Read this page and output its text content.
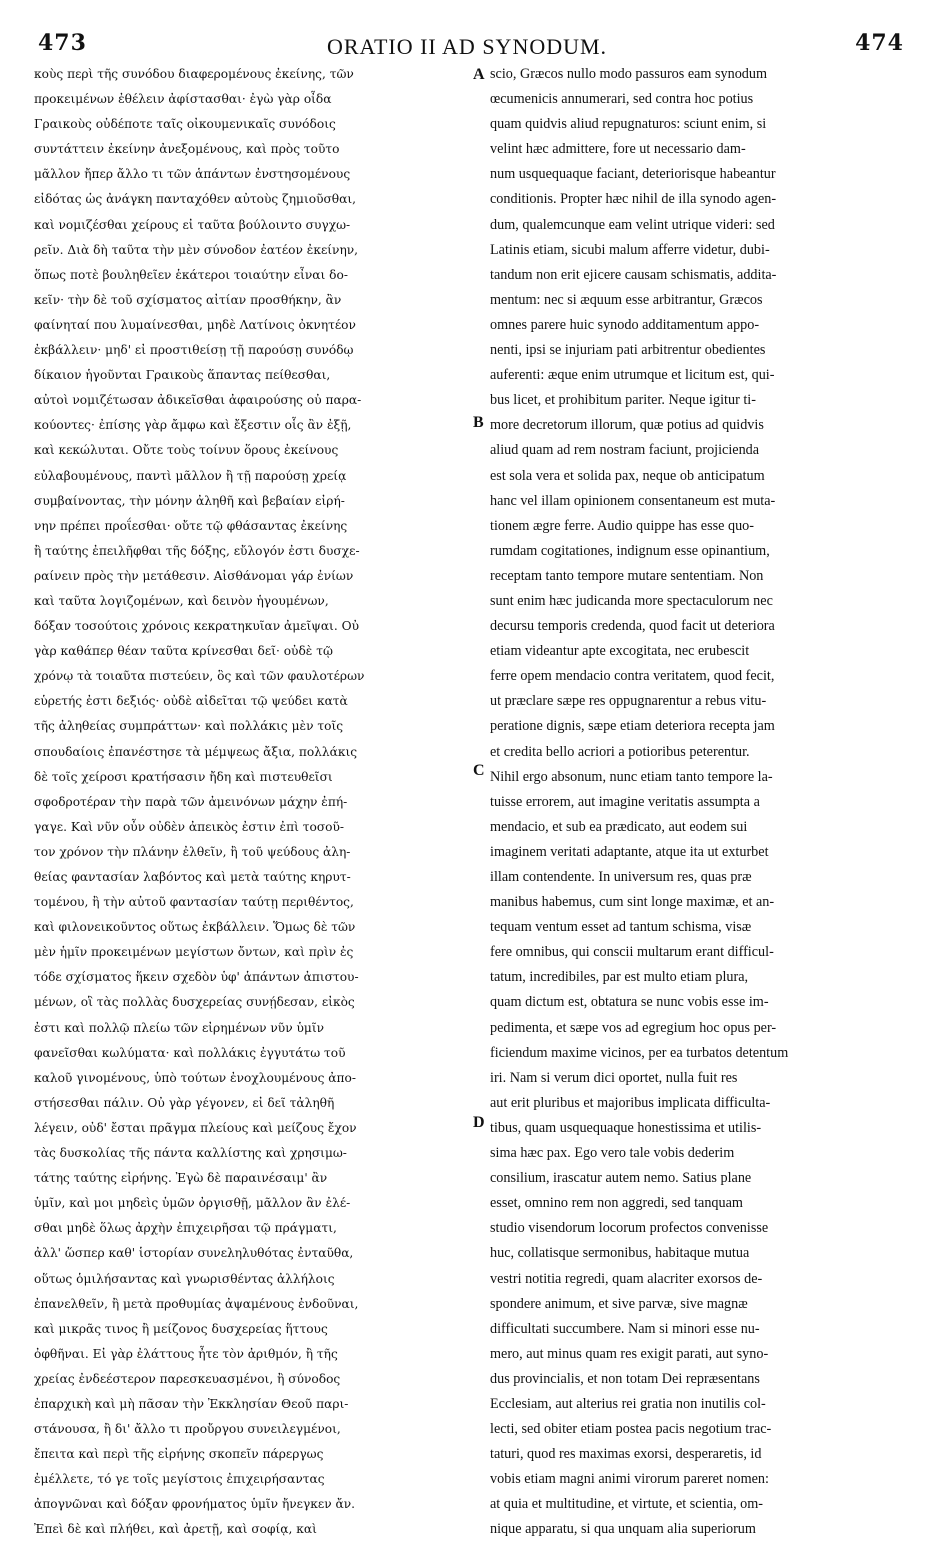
473	ORATIO II AD SYNODUM.	474
κοὺς περὶ τῆς συνόδου διαφερομένους ἐκείνης, τῶν
προκειμένων ἐθέλειν ἀφίστασθαι· ἐγὼ γὰρ οἶδα
Γραικοὺς οὐδέποτε ταῖς οἰκουμενικαῖς συνόδοις
συντάττειν ἐκείνην ἀνεξομένους, καὶ πρὸς τοῦτο
μᾶλλον ἤπερ ἄλλο τι τῶν ἁπάντων ἐνστησομένους
εἰδότας ὡς ἀνάγκη πανταχόθεν αὐτοὺς ζημιοῦσθαι,
καὶ νομιζέσθαι χείρους εἰ ταῦτα βούλοιντο συγχω-
ρεῖν. Διὰ δὴ ταῦτα τὴν μὲν σύνοδον ἐατέον ἐκείνην,
ὅπως ποτὲ βουληθεῖεν ἑκάτεροι τοιαύτην εἶναι δο-
κεῖν· τὴν δὲ τοῦ σχίσματος αἰτίαν προσθήκην, ἂν
φαίνηταί που λυμαίνεσθαι, μηδὲ Λατίνοις ὀκνητέον
ἐκβάλλειν· μηδ' εἰ προστιθείσῃ τῇ παρούσῃ συνόδῳ
δίκαιον ἡγοῦνται Γραικοὺς ἅπαντας πείθεσθαι,
αὐτοὶ νομιζέτωσαν ἀδικεῖσθαι ἀφαιρούσης οὐ παρα-
κούοντες· ἐπίσης γὰρ ἄμφω καὶ ἔξεστιν οἷς ἂν ἐξῇ,
καὶ κεκώλυται. Οὔτε τοὺς τοίνυν ὅρους ἐκείνους
εὐλαβουμένους, παντὶ μᾶλλον ἢ τῇ παρούσῃ χρείᾳ
συμβαίνοντας, τὴν μόνην ἀληθῆ καὶ βεβαίαν εἰρή-
νην πρέπει προΐεσθαι· οὔτε τῷ φθάσαντας ἐκείνης
ἢ ταύτης ἐπειλῆφθαι τῆς δόξης, εὔλογόν ἐστι δυσχε-
ραίνειν πρὸς τὴν μετάθεσιν. Αἰσθάνομαι γάρ ἐνίων
καὶ ταῦτα λογιζομένων, καὶ δεινὸν ἡγουμένων,
δόξαν τοσούτοις χρόνοις κεκρατηκυῖαν ἀμεῖψαι. Οὐ
γὰρ καθάπερ θέαν ταῦτα κρίνεσθαι δεῖ· οὐδὲ τῷ
χρόνῳ τὰ τοιαῦτα πιστεύειν, ὃς καὶ τῶν φαυλοτέρων
εὑρετής ἐστι δεξιός· οὐδὲ αἰδεῖται τῷ ψεύδει κατὰ
τῆς ἀληθείας συμπράττων· καὶ πολλάκις μὲν τοῖς
σπουδαίοις ἐπανέστησε τὰ μέμψεως ἄξια, πολλάκις
δὲ τοῖς χείροσι κρατήσασιν ἤδη καὶ πιστευθεῖσι
σφοδροτέραν τὴν παρὰ τῶν ἀμεινόνων μάχην ἐπή-
γαγε. Καὶ νῦν οὖν οὐδὲν ἀπεικὸς ἐστιν ἐπὶ τοσοῦ-
τον χρόνον τὴν πλάνην ἐλθεῖν, ἢ τοῦ ψεύδους ἀλη-
θείας φαντασίαν λαβόντος καὶ μετὰ ταύτης κηρυτ-
τομένου, ἢ τὴν αὐτοῦ φαντασίαν ταύτῃ περιθέντος,
καὶ φιλονεικοῦντος οὕτως ἐκβάλλειν. Ὅμως δὲ τῶν
μὲν ἡμῖν προκειμένων μεγίστων ὄντων, καὶ πρὶν ἐς
τόδε σχίσματος ἥκειν σχεδὸν ὑφ' ἁπάντων ἀπιστου-
μένων, οἳ τὰς πολλὰς δυσχερείας συνῄδεσαν, εἰκὸς
ἐστι καὶ πολλῷ πλείω τῶν εἰρημένων νῦν ὑμῖν
φανεῖσθαι κωλύματα· καὶ πολλάκις ἐγγυτάτω τοῦ
καλοῦ γινομένους, ὑπὸ τούτων ἐνοχλουμένους ἀπο-
στήσεσθαι πάλιν. Οὐ γὰρ γέγονεν, εἰ δεῖ τἀληθῆ
λέγειν, οὐδ' ἔσται πρᾶγμα πλείους καὶ μείζους ἔχον
τὰς δυσκολίας τῆς πάντα καλλίστης καὶ χρησιμω-
τάτης ταύτης εἰρήνης. Ἐγὼ δὲ παραινέσαιμ' ἂν
ὑμῖν, καὶ μοι μηδεὶς ὑμῶν ὀργισθῇ, μᾶλλον ἂν ἐλέ-
σθαι μηδὲ ὅλως ἀρχὴν ἐπιχειρῆσαι τῷ πράγματι,
ἀλλ' ὥσπερ καθ' ἱστορίαν συνεληλυθότας ἐνταῦθα,
οὕτως ὁμιλήσαντας καὶ γνωρισθέντας ἀλλήλοις
ἐπανελθεῖν, ἢ μετὰ προθυμίας ἀψαμένους ἐνδοῦναι,
καὶ μικρᾶς τινος ἢ μείζονος δυσχερείας ἥττους
ὀφθῆναι. Εἰ γὰρ ἐλάττους ἦτε τὸν ἀριθμόν, ἢ τῆς
χρείας ἐνδεέστερον παρεσκευασμένοι, ἢ σύνοδος
ἐπαρχικὴ καὶ μὴ πᾶσαν τὴν Ἐκκλησίαν Θεοῦ παρι-
στάνουσα, ἢ δι' ἄλλο τι προὔργου συνειλεγμένοι,
ἔπειτα καὶ περὶ τῆς εἰρήνης σκοπεῖν πάρεργως
ἐμέλλετε, τό γε τοῖς μεγίστοις ἐπιχειρήσαντας
ἀπογνῶναι καὶ δόξαν φρονήματος ὑμῖν ἤνεγκεν ἄν.
Ἐπεὶ δὲ καὶ πλήθει, καὶ ἀρετῇ, καὶ σοφίᾳ, καὶ
scio, Græcos nullo modo passuros eam synodum
œcumenicis annumerari, sed contra hoc potius
quam quidvis aliud repugnaturos: sciunt enim, si
velint hæc admittere, fore ut necessario dam-
num usquequaque faciant, deteriorisque habeantur
conditionis. Propter hæc nihil de illa synodo agen-
dum, qualemcunque eam velint utrique videri: sed
Latinis etiam, sicubi malum afferre videtur, dubi-
tandum non erit ejicere causam schismatis, addita-
mentum: nec si æquum esse arbitrantur, Græcos
omnes parere huic synodo additamentum appo-
nenti, ipsi se injuriam pati arbitrentur obedientes
auferenti: æque enim utrumque et licitum est, qui-
bus licet, et prohibitum pariter. Neque igitur ti-
more decretorum illorum, quæ potius ad quidvis
aliud quam ad rem nostram faciunt, projicienda
est sola vera et solida pax, neque ob anticipatum
hanc vel illam opinionem consentaneum est muta-
tionem ægre ferre. Audio quippe has esse quo-
rumdam cogitationes, indignum esse opinantium,
receptam tanto tempore mutare sententiam. Non
sunt enim hæc judicanda more spectaculorum nec
decursu temporis credenda, quod facit ut deteriora
etiam videantur apte excogitata, nec erubescit
ferre opem mendacio contra veritatem, quod fecit,
ut præclare sæpe res oppugnarentur a rebus vitu-
peratione dignis, sæpe etiam deteriora recepta jam
et credita bello acriori a potioribus peterentur.
Nihil ergo absonum, nunc etiam tanto tempore la-
tuisse errorem, aut imagine veritatis assumpta a
mendacio, et sub ea prædicato, aut eodem sui
imaginem veritati adaptante, atque ita ut exturbet
illam contendente. In universum res, quas præ
manibus habemus, cum sint longe maximæ, et an-
tequam ventum esset ad tantum schisma, visæ
fere omnibus, qui conscii multarum erant difficul-
tatum, incredibiles, par est multo etiam plura,
quam dictum est, obtatura se nunc vobis esse im-
pedimenta, et sæpe vos ad egregium hoc opus per-
ficiendum maxime vicinos, per ea turbatos detentum
iri. Nam si verum dici oportet, nulla fuit res
aut erit pluribus et majoribus implicata difficulta-
tibus, quam usquequaque honestissima et utilis-
sima hæc pax. Ego vero tale vobis dederim
consilium, irascatur autem nemo. Satius plane
esset, omnino rem non aggredi, sed tanquam
studio visendorum locorum profectos convenisse
huc, collatisque sermonibus, habitaque mutua
vestri notitia regredi, quam alacriter exorsos de-
spondere animum, et sive parvæ, sive magnæ
difficultati succumbere. Nam si minori esse nu-
mero, aut minus quam res exigit parati, aut syno-
dus provincialis, et non totam Dei repræsentans
Ecclesiam, aut alterius rei gratia non inutilis col-
lecti, sed obiter etiam postea pacis negotium trac-
taturi, quod res maximas exorsi, desperaretis, id
vobis etiam magni animi virorum pareret nomen:
at quia et multitudine, et virtute, et scientia, om-
nique apparatu, si qua unquam alia superiorum
A
B
C
D
